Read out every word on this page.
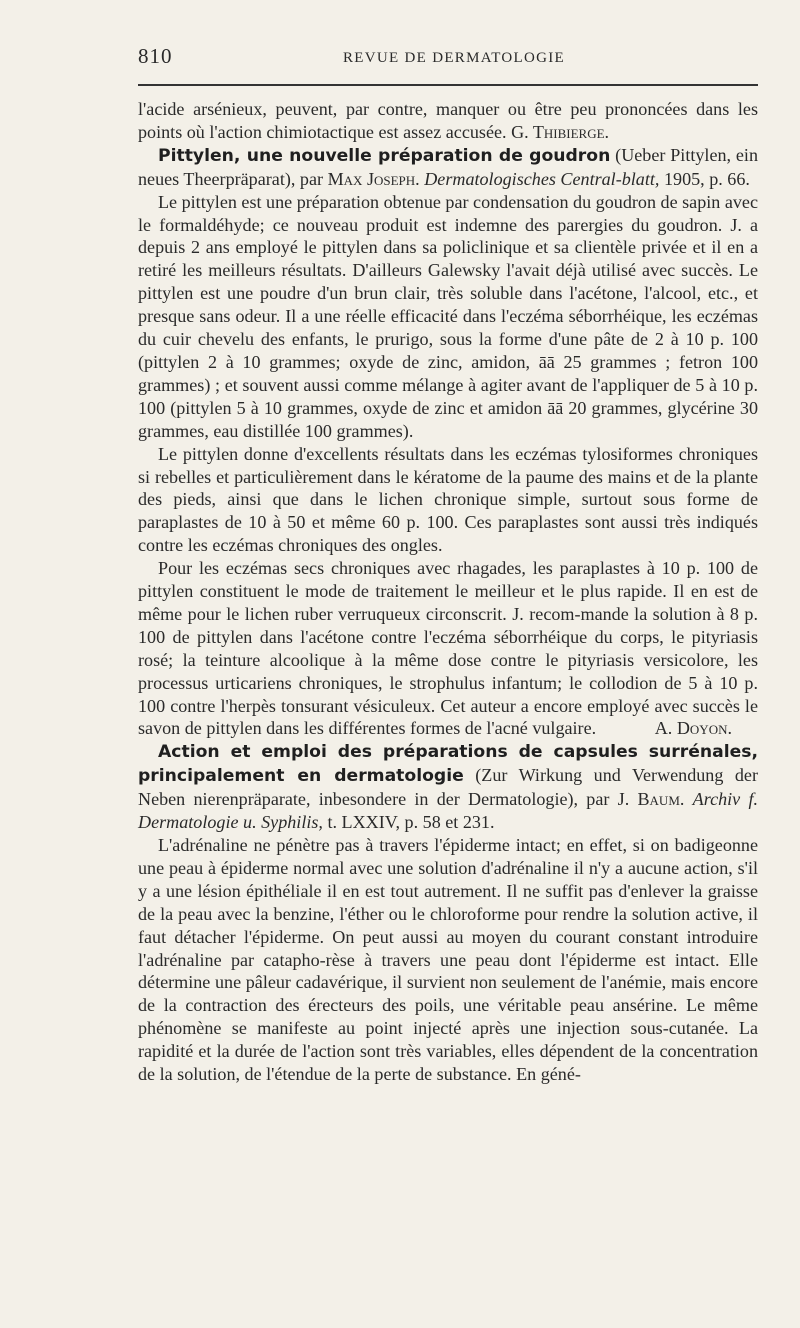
810	REVUE DE DERMATOLOGIE

l'acide arsénieux, peuvent, par contre, manquer ou être peu prononcées dans les points où l'action chimiotactique est assez accusée. G. Thibierge.

Pittylen, une nouvelle préparation de goudron (Ueber Pittylen, ein neues Theerpräparat), par Max Joseph. Dermatologisches Central-blatt, 1905, p. 66.

Le pittylen est une préparation obtenue par condensation du goudron de sapin avec le formaldéhyde; ce nouveau produit est indemne des parergies du goudron. J. a depuis 2 ans employé le pittylen dans sa policlinique et sa clientèle privée et il en a retiré les meilleurs résultats. D'ailleurs Galewsky l'avait déjà utilisé avec succès. Le pittylen est une poudre d'un brun clair, très soluble dans l'acétone, l'alcool, etc., et presque sans odeur. Il a une réelle efficacité dans l'eczéma séborrhéique, les eczémas du cuir chevelu des enfants, le prurigo, sous la forme d'une pâte de 2 à 10 p. 100 (pittylen 2 à 10 grammes; oxyde de zinc, amidon, āā 25 grammes ; fetron 100 grammes) ; et souvent aussi comme mélange à agiter avant de l'appliquer de 5 à 10 p. 100 (pittylen 5 à 10 grammes, oxyde de zinc et amidon āā 20 grammes, glycérine 30 grammes, eau distillée 100 grammes).

Le pittylen donne d'excellents résultats dans les eczémas tylosiformes chroniques si rebelles et particulièrement dans le kératome de la paume des mains et de la plante des pieds, ainsi que dans le lichen chronique simple, surtout sous forme de paraplastes de 10 à 50 et même 60 p. 100. Ces paraplastes sont aussi très indiqués contre les eczémas chroniques des ongles.

Pour les eczémas secs chroniques avec rhagades, les paraplastes à 10 p. 100 de pittylen constituent le mode de traitement le meilleur et le plus rapide. Il en est de même pour le lichen ruber verruqueux circonscrit. J. recom-mande la solution à 8 p. 100 de pittylen dans l'acétone contre l'eczéma séborrhéique du corps, le pityriasis rosé; la teinture alcoolique à la même dose contre le pityriasis versicolore, les processus urticariens chroniques, le strophulus infantum; le collodion de 5 à 10 p. 100 contre l'herpès tonsurant vésiculeux. Cet auteur a encore employé avec succès le savon de pittylen dans les différentes formes de l'acné vulgaire.	A. Doyon.

Action et emploi des préparations de capsules surrénales, principalement en dermatologie (Zur Wirkung und Verwendung der Neben nierenpräparate, inbesondere in der Dermatologie), par J. Baum. Archiv f. Dermatologie u. Syphilis, t. LXXIV, p. 58 et 231.

L'adrénaline ne pénètre pas à travers l'épiderme intact; en effet, si on badigeonne une peau à épiderme normal avec une solution d'adrénaline il n'y a aucune action, s'il y a une lésion épithéliale il en est tout autrement. Il ne suffit pas d'enlever la graisse de la peau avec la benzine, l'éther ou le chloroforme pour rendre la solution active, il faut détacher l'épiderme. On peut aussi au moyen du courant constant introduire l'adrénaline par catapho-rèse à travers une peau dont l'épiderme est intact. Elle détermine une pâleur cadavérique, il survient non seulement de l'anémie, mais encore de la contraction des érecteurs des poils, une véritable peau ansérine. Le même phénomène se manifeste au point injecté après une injection sous-cutanée. La rapidité et la durée de l'action sont très variables, elles dépendent de la concentration de la solution, de l'étendue de la perte de substance. En géné-
